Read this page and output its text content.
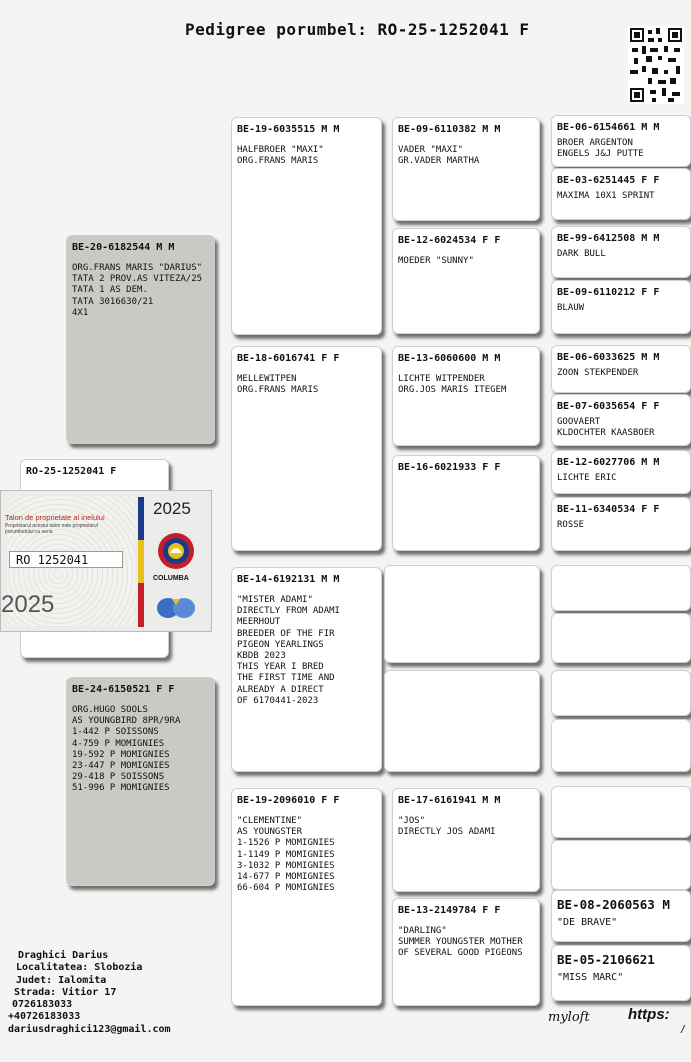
Pedigree porumbel: RO-25-1252041 F
RO-25-1252041 F
Talon de proprietate al inelului
Proprietarul acestui talon este proprietarul porumbelului cu seria
RO 1252041
2025
2025
COLUMBA
BE-20-6182544 M M
ORG.FRANS MARIS "DARIUS"
TATA 2 PROV.AS VITEZA/25
TATA 1 AS DEM.
TATA 3016630/21
4X1
BE-24-6150521 F F
ORG.HUGO SOOLS
AS YOUNGBIRD 8PR/9RA
1-442 P SOISSONS
4-759 P MOMIGNIES
19-592 P MOMIGNIES
23-447 P MOMIGNIES
29-418 P SOISSONS
51-996 P MOMIGNIES
BE-19-6035515 M M
HALFBROER "MAXI"
ORG.FRANS MARIS
BE-18-6016741 F F
MELLEWITPEN
ORG.FRANS MARIS
BE-14-6192131 M M
"MISTER ADAMI"
DIRECTLY FROM ADAMI
MEERHOUT
BREEDER OF THE FIR
PIGEON YEARLINGS
KBDB 2023
THIS YEAR I BRED
THE FIRST TIME AND
ALREADY A DIRECT
OF 6170441-2023
BE-19-2096010 F F
"CLEMENTINE"
AS YOUNGSTER
1-1526 P MOMIGNIES
1-1149 P MOMIGNIES
3-1032 P MOMIGNIES
14-677 P MOMIGNIES
66-604 P MOMIGNIES
BE-09-6110382 M M
VADER "MAXI"
GR.VADER MARTHA
BE-12-6024534 F F
MOEDER "SUNNY"
BE-13-6060600 M M
LICHTE WITPENDER
ORG.JOS MARIS ITEGEM
BE-16-6021933 F F
BE-17-6161941 M M
"JOS"
DIRECTLY JOS ADAMI
BE-13-2149784 F F
"DARLING"
SUMMER YOUNGSTER MOTHER
OF SEVERAL GOOD PIGEONS
BE-06-6154661 M M
BROER ARGENTON
ENGELS J&J PUTTE
BE-03-6251445 F F
MAXIMA 10X1 SPRINT
BE-99-6412508 M M
DARK BULL
BE-09-6110212 F F
BLAUW
BE-06-6033625 M M
ZOON STEKPENDER
BE-07-6035654 F F
GOOVAERT
KLDOCHTER KAASBOER
BE-12-6027706 M M
LICHTE ERIC
BE-11-6340534 F F
ROSSE
BE-08-2060563 M
"DE BRAVE"
BE-05-2106621
"MISS MARC"
Draghici Darius
Localitatea: Slobozia
Judet: Ialomita
Strada: Vitior 17
0726183033
+40726183033
dariusdraghici123@gmail.com
myloft	https:
/
